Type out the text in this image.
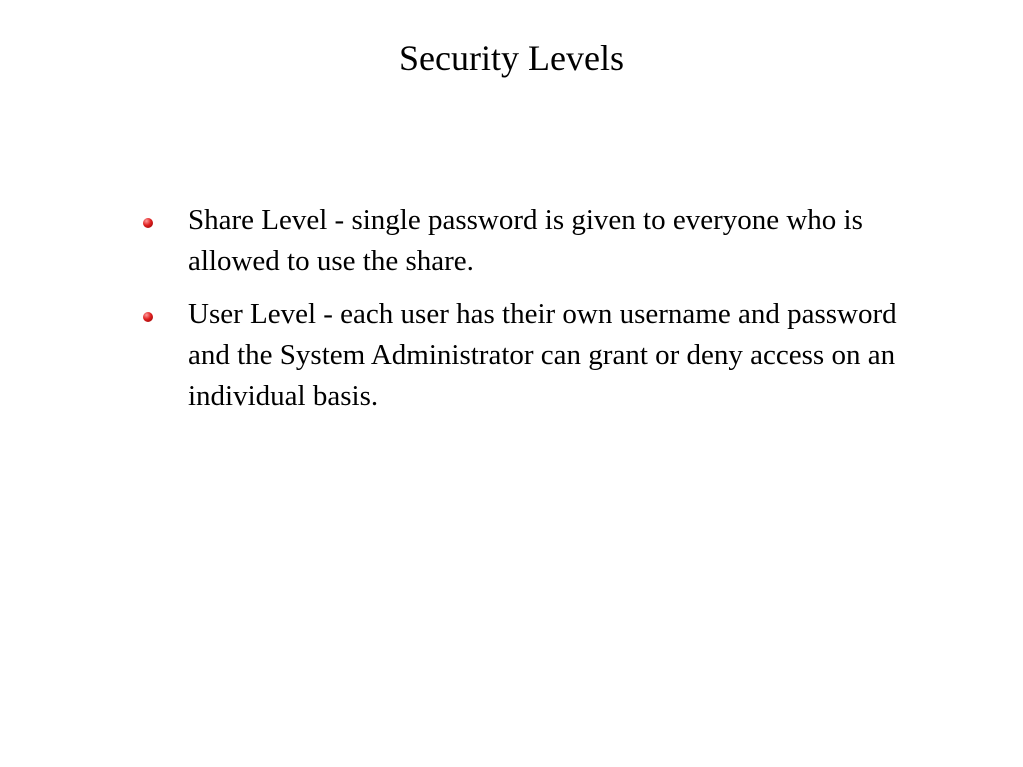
Security Levels
Share Level - single password is given to everyone who is allowed to use the share.
User Level - each user has their own username and password and the System Administrator can grant or deny access on an individual basis.
